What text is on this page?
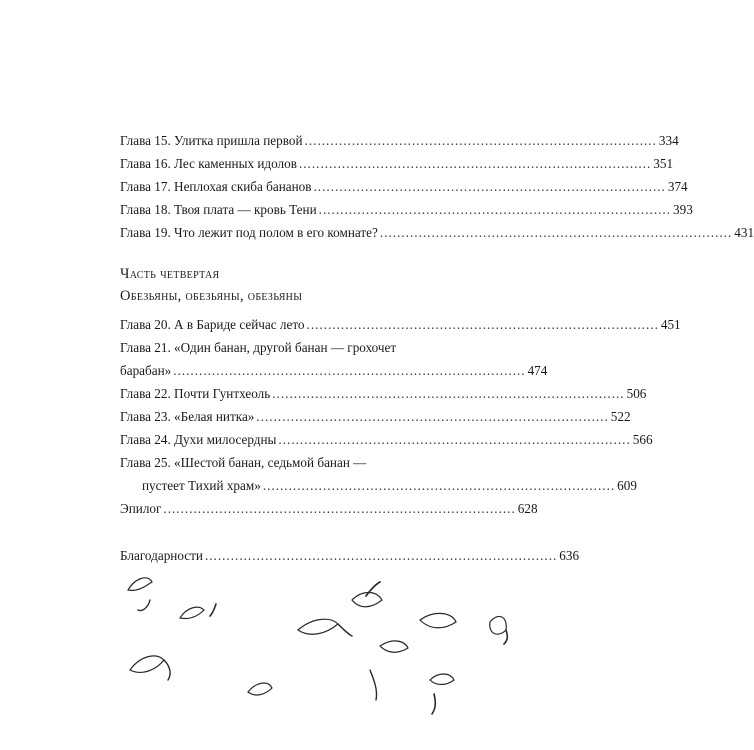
Глава 15. Улитка пришла первой .................................................................................. 334
Глава 16. Лес каменных идолов .................................................................................. 351
Глава 17. Неплохая скиба бананов .................................................................................. 374
Глава 18. Твоя плата — кровь Тени .................................................................................. 393
Глава 19. Что лежит под полом в его комнате? .................................................................................. 431
Часть четвертая
Обезьяны, обезьяны, обезьяны
Глава 20. А в Бариде сейчас лето .................................................................................. 451
Глава 21. «Один банан, другой банан — грохочет
барабан» .................................................................................. 474
Глава 22. Почти Гунтхеоль .................................................................................. 506
Глава 23. «Белая нитка» .................................................................................. 522
Глава 24. Духи милосердны .................................................................................. 566
Глава 25. «Шестой банан, седьмой банан —
пустеет Тихий храм» .................................................................................. 609
Эпилог .................................................................................. 628
Благодарности .................................................................................. 636
